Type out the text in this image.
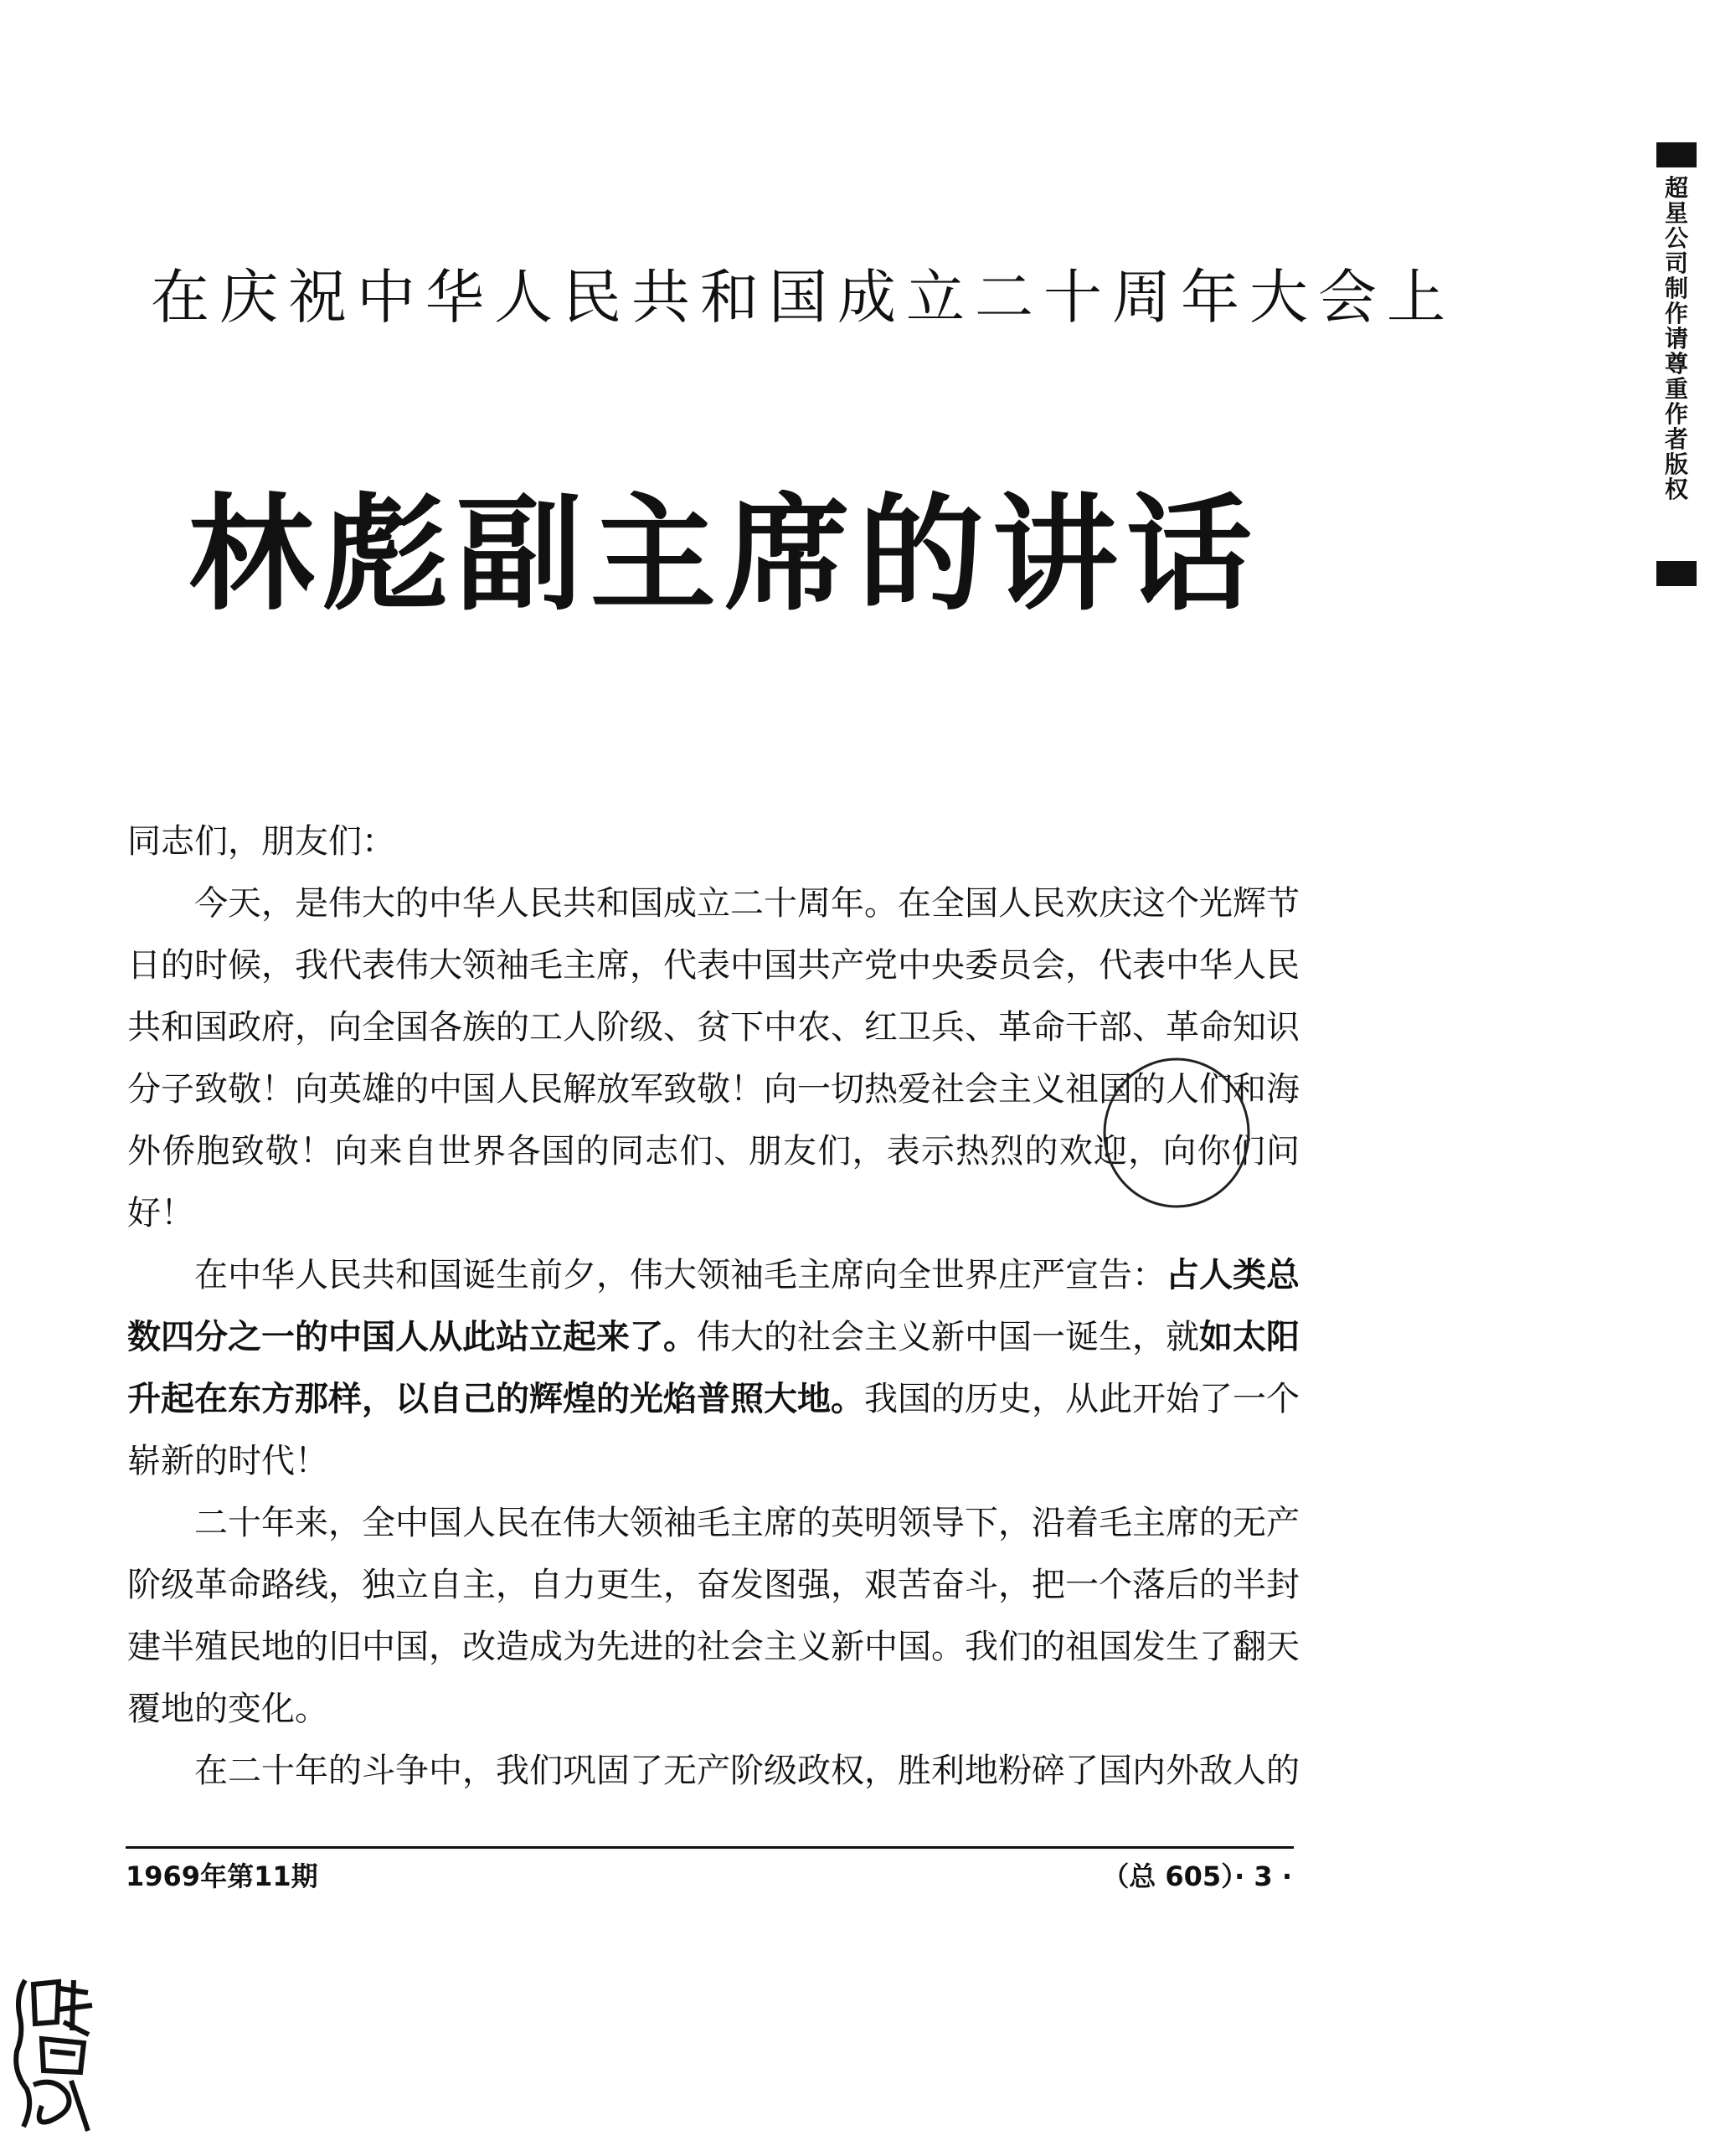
超星公司制作 请尊重作者版权
在庆祝中华人民共和国成立二十周年大会上
林彪副主席的讲话

同志们，朋友们：

今天，是伟大的中华人民共和国成立二十周年。在全国人民欢庆这个光辉节日的时候，我代表伟大领袖毛主席，代表中国共产党中央委员会，代表中华人民共和国政府，向全国各族的工人阶级、贫下中农、红卫兵、革命干部、革命知识分子致敬！向英雄的中国人民解放军致敬！向一切热爱社会主义祖国的人们和海外侨胞致敬！向来自世界各国的同志们、朋友们，表示热烈的欢迎，向你们问好！

在中华人民共和国诞生前夕，伟大领袖毛主席向全世界庄严宣告：占人类总数四分之一的中国人从此站立起来了。伟大的社会主义新中国一诞生，就如太阳升起在东方那样，以自己的辉煌的光焰普照大地。我国的历史，从此开始了一个崭新的时代！

二十年来，全中国人民在伟大领袖毛主席的英明领导下，沿着毛主席的无产阶级革命路线，独立自主，自力更生，奋发图强，艰苦奋斗，把一个落后的半封建半殖民地的旧中国，改造成为先进的社会主义新中国。我们的祖国发生了翻天覆地的变化。

在二十年的斗争中，我们巩固了无产阶级政权，胜利地粉碎了国内外敌人的

1969年第11期	（总 605）· 3 ·
